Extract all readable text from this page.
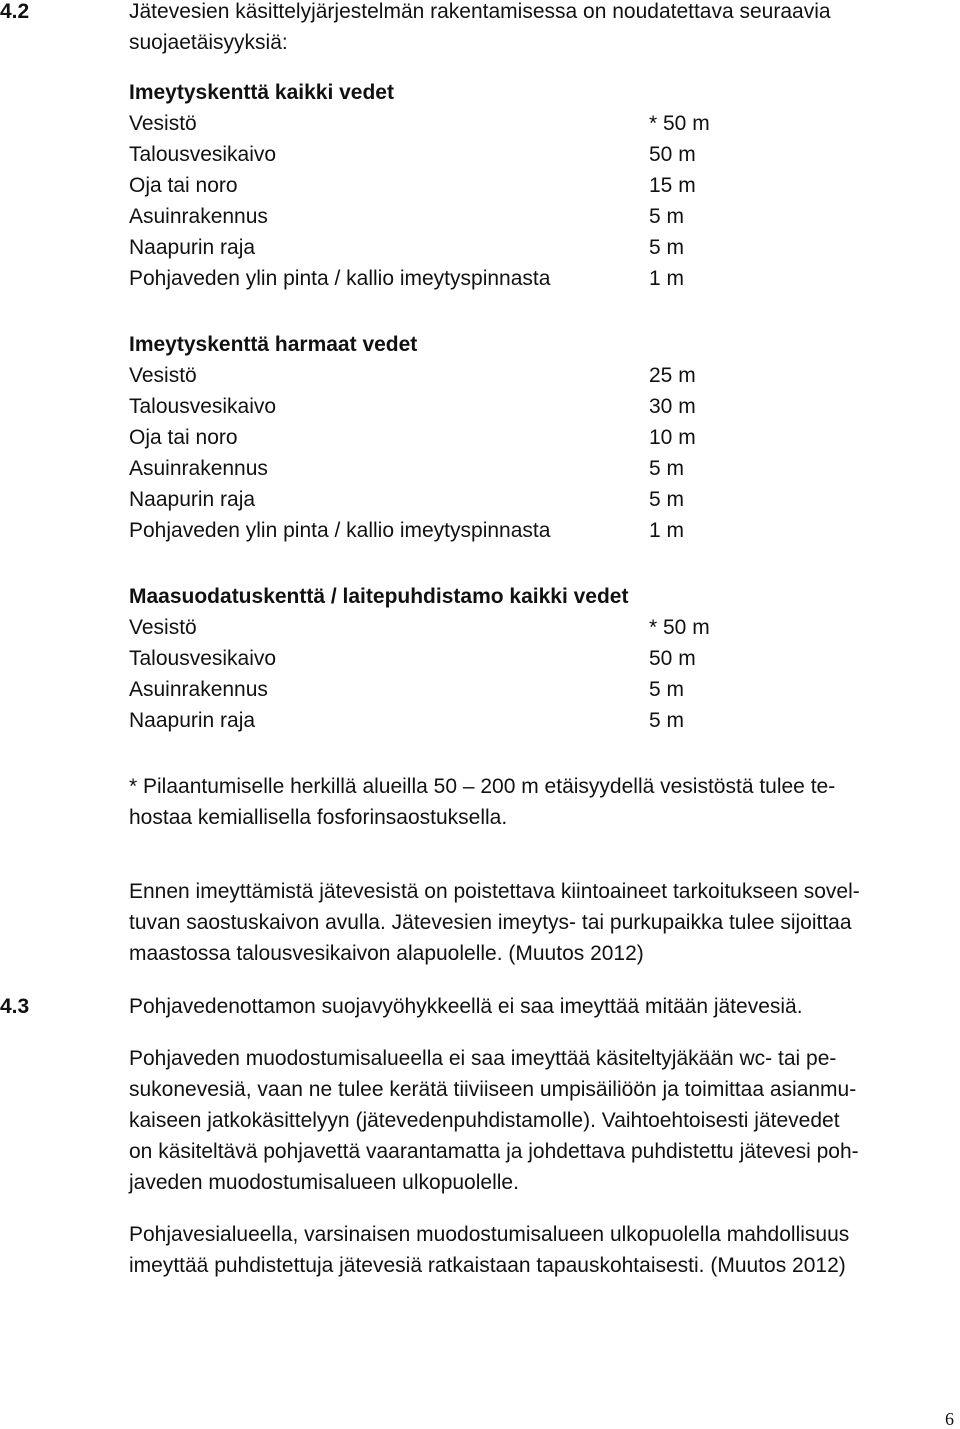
4.2	Jätevesien käsittelyjärjestelmän rakentamisessa on noudatettava seuraavia
suojaetäisyyksiä:

Imeytyskenttä kaikki vedet
Vesistö	* 50 m
Talousvesikaivo	50 m
Oja tai noro	15 m
Asuinrakennus	5 m
Naapurin raja	5 m
Pohjaveden ylin pinta / kallio imeytyspinnasta	1 m
Imeytyskenttä harmaat vedet
Vesistö	25 m
Talousvesikaivo	30 m
Oja tai noro	10 m
Asuinrakennus	5 m
Naapurin raja	5 m
Pohjaveden ylin pinta / kallio imeytyspinnasta	1 m
Maasuodatuskenttä / laitepuhdistamo kaikki vedet
Vesistö	* 50 m
Talousvesikaivo	50 m
Asuinrakennus	5 m
Naapurin raja	5 m

* Pilaantumiselle herkillä alueilla 50 – 200 m etäisyydellä vesistöstä tulee te-
hostaa kemiallisella fosforinsaostuksella.

Ennen imeyttämistä jätevesistä on poistettava kiintoaineet tarkoitukseen sovel-
tuvan saostuskaivon avulla. Jätevesien imeytys- tai purkupaikka tulee sijoittaa
maastossa talousvesikaivon alapuolelle. (Muutos 2012)

4.3	Pohjavedenottamon suojavyöhykkeellä ei saa imeyttää mitään jätevesiä.

Pohjaveden muodostumisalueella ei saa imeyttää käsiteltyjäkään wc- tai pe-
sukonevesiä, vaan ne tulee kerätä tiiviiseen umpisäiliöön ja toimittaa asianmu-
kaiseen jatkokäsittelyyn (jätevedenpuhdistamolle). Vaihtoehtoisesti jätevedet
on käsiteltävä pohjavettä vaarantamatta ja johdettava puhdistettu jätevesi poh-
javeden muodostumisalueen ulkopuolelle.

Pohjavesialueella, varsinaisen muodostumisalueen ulkopuolella mahdollisuus
imeyttää puhdistettuja jätevesiä ratkaistaan tapauskohtaisesti. (Muutos 2012)

6
